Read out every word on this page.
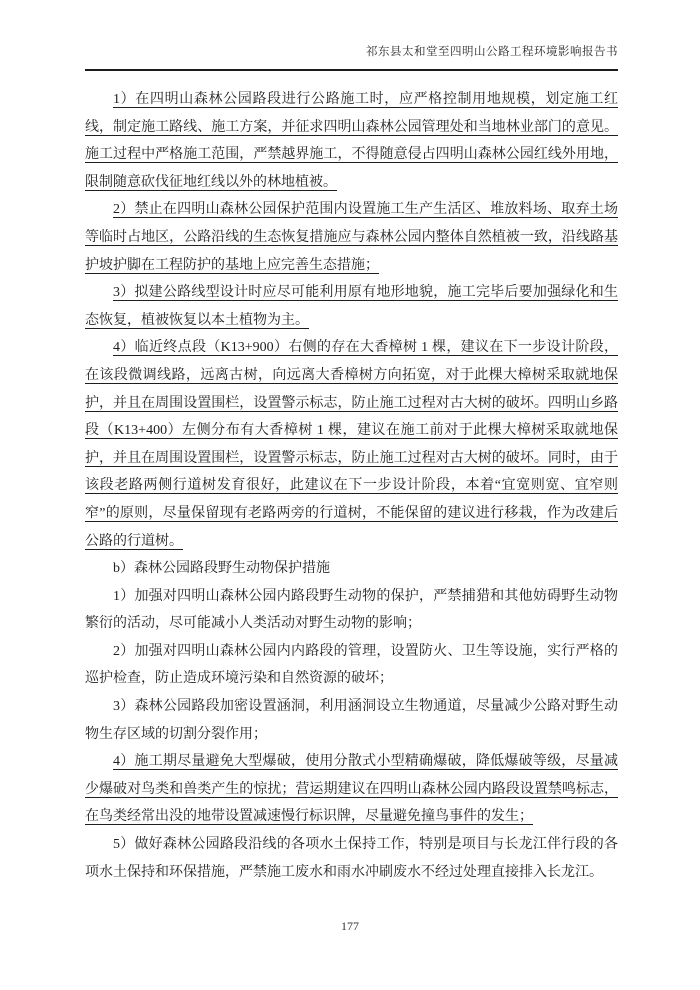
祁东县太和堂至四明山公路工程环境影响报告书

1）在四明山森林公园路段进行公路施工时，应严格控制用地规模，划定施工红线，制定施工路线、施工方案，并征求四明山森林公园管理处和当地林业部门的意见。施工过程中严格施工范围，严禁越界施工，不得随意侵占四明山森林公园红线外用地，限制随意砍伐征地红线以外的林地植被。

2）禁止在四明山森林公园保护范围内设置施工生产生活区、堆放料场、取弃土场等临时占地区，公路沿线的生态恢复措施应与森林公园内整体自然植被一致，沿线路基护坡护脚在工程防护的基地上应完善生态措施；

3）拟建公路线型设计时应尽可能利用原有地形地貌，施工完毕后要加强绿化和生态恢复，植被恢复以本土植物为主。

4）临近终点段（K13+900）右侧的存在大香樟树 1 棵，建议在下一步设计阶段，在该段微调线路，远离古树，向远离大香樟树方向拓宽，对于此棵大樟树采取就地保护，并且在周围设置围栏，设置警示标志，防止施工过程对古大树的破坏。四明山乡路段（K13+400）左侧分布有大香樟树 1 棵，建议在施工前对于此棵大樟树采取就地保护，并且在周围设置围栏，设置警示标志，防止施工过程对古大树的破坏。同时，由于该段老路两侧行道树发育很好，此建议在下一步设计阶段，本着“宜宽则宽、宜窄则窄”的原则，尽量保留现有老路两旁的行道树，不能保留的建议进行移栽，作为改建后公路的行道树。

b）森林公园路段野生动物保护措施

1）加强对四明山森林公园内路段野生动物的保护，严禁捕猎和其他妨碍野生动物繁衍的活动，尽可能减小人类活动对野生动物的影响；

2）加强对四明山森林公园内内路段的管理，设置防火、卫生等设施，实行严格的巡护检查，防止造成环境污染和自然资源的破坏；

3）森林公园路段加密设置涵洞，利用涵洞设立生物通道，尽量减少公路对野生动物生存区域的切割分裂作用；

4）施工期尽量避免大型爆破，使用分散式小型精确爆破，降低爆破等级，尽量减少爆破对鸟类和兽类产生的惊扰；营运期建议在四明山森林公园内路段设置禁鸣标志，在鸟类经常出没的地带设置减速慢行标识牌，尽量避免撞鸟事件的发生；

5）做好森林公园路段沿线的各项水土保持工作，特别是项目与长龙江伴行段的各项水土保持和环保措施，严禁施工废水和雨水冲刷废水不经过处理直接排入长龙江。

177
